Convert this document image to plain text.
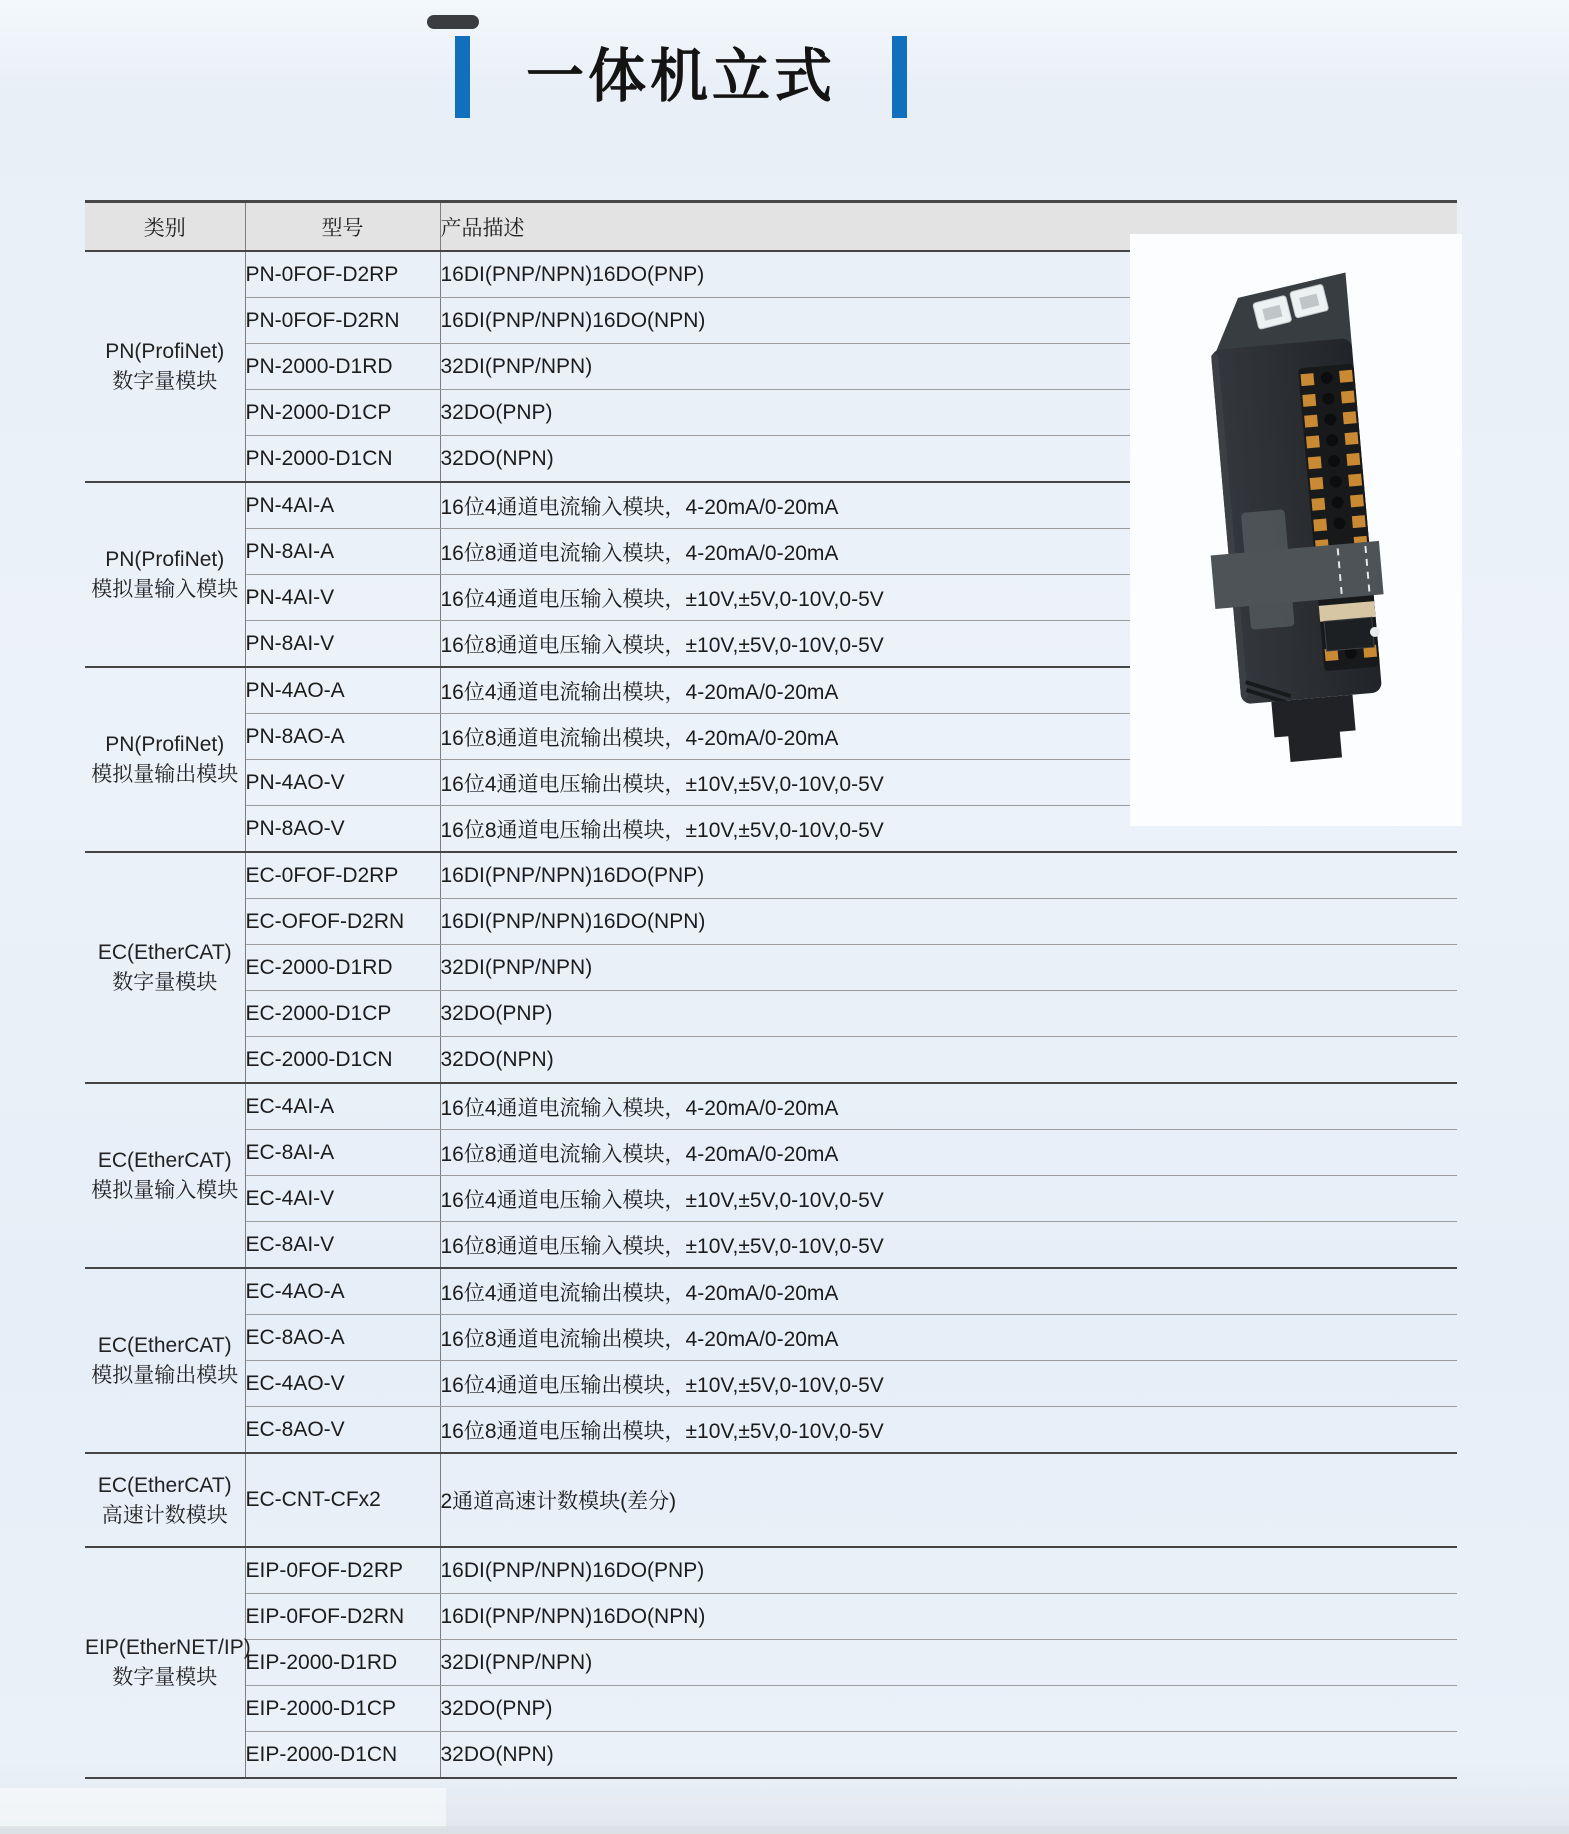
一体机立式
类别	型号	产品描述

PN(ProfiNet)
数字量模块	PN-0FOF-D2RP	16DI(PNP/NPN)16DO(PNP)
	PN-0FOF-D2RN	16DI(PNP/NPN)16DO(NPN)
	PN-2000-D1RD	32DI(PNP/NPN)
	PN-2000-D1CP	32DO(PNP)
	PN-2000-D1CN	32DO(NPN)

PN(ProfiNet)
模拟量输入模块	PN-4AI-A	16位4通道电流输入模块，4-20mA/0-20mA
	PN-8AI-A	16位8通道电流输入模块，4-20mA/0-20mA
	PN-4AI-V	16位4通道电压输入模块，±10V,±5V,0-10V,0-5V
	PN-8AI-V	16位8通道电压输入模块，±10V,±5V,0-10V,0-5V

PN(ProfiNet)
模拟量输出模块	PN-4AO-A	16位4通道电流输出模块，4-20mA/0-20mA
	PN-8AO-A	16位8通道电流输出模块，4-20mA/0-20mA
	PN-4AO-V	16位4通道电压输出模块，±10V,±5V,0-10V,0-5V
	PN-8AO-V	16位8通道电压输出模块，±10V,±5V,0-10V,0-5V

EC(EtherCAT)
数字量模块	EC-0FOF-D2RP	16DI(PNP/NPN)16DO(PNP)
	EC-OFOF-D2RN	16DI(PNP/NPN)16DO(NPN)
	EC-2000-D1RD	32DI(PNP/NPN)
	EC-2000-D1CP	32DO(PNP)
	EC-2000-D1CN	32DO(NPN)

EC(EtherCAT)
模拟量输入模块	EC-4AI-A	16位4通道电流输入模块，4-20mA/0-20mA
	EC-8AI-A	16位8通道电流输入模块，4-20mA/0-20mA
	EC-4AI-V	16位4通道电压输入模块，±10V,±5V,0-10V,0-5V
	EC-8AI-V	16位8通道电压输入模块，±10V,±5V,0-10V,0-5V

EC(EtherCAT)
模拟量输出模块	EC-4AO-A	16位4通道电流输出模块，4-20mA/0-20mA
	EC-8AO-A	16位8通道电流输出模块，4-20mA/0-20mA
	EC-4AO-V	16位4通道电压输出模块，±10V,±5V,0-10V,0-5V
	EC-8AO-V	16位8通道电压输出模块，±10V,±5V,0-10V,0-5V

EC(EtherCAT)
高速计数模块	EC-CNT-CFx2	2通道高速计数模块(差分)

EIP(EtherNET/IP)
数字量模块	EIP-0FOF-D2RP	16DI(PNP/NPN)16DO(PNP)
	EIP-0FOF-D2RN	16DI(PNP/NPN)16DO(NPN)
	EIP-2000-D1RD	32DI(PNP/NPN)
	EIP-2000-D1CP	32DO(PNP)
	EIP-2000-D1CN	32DO(NPN)
